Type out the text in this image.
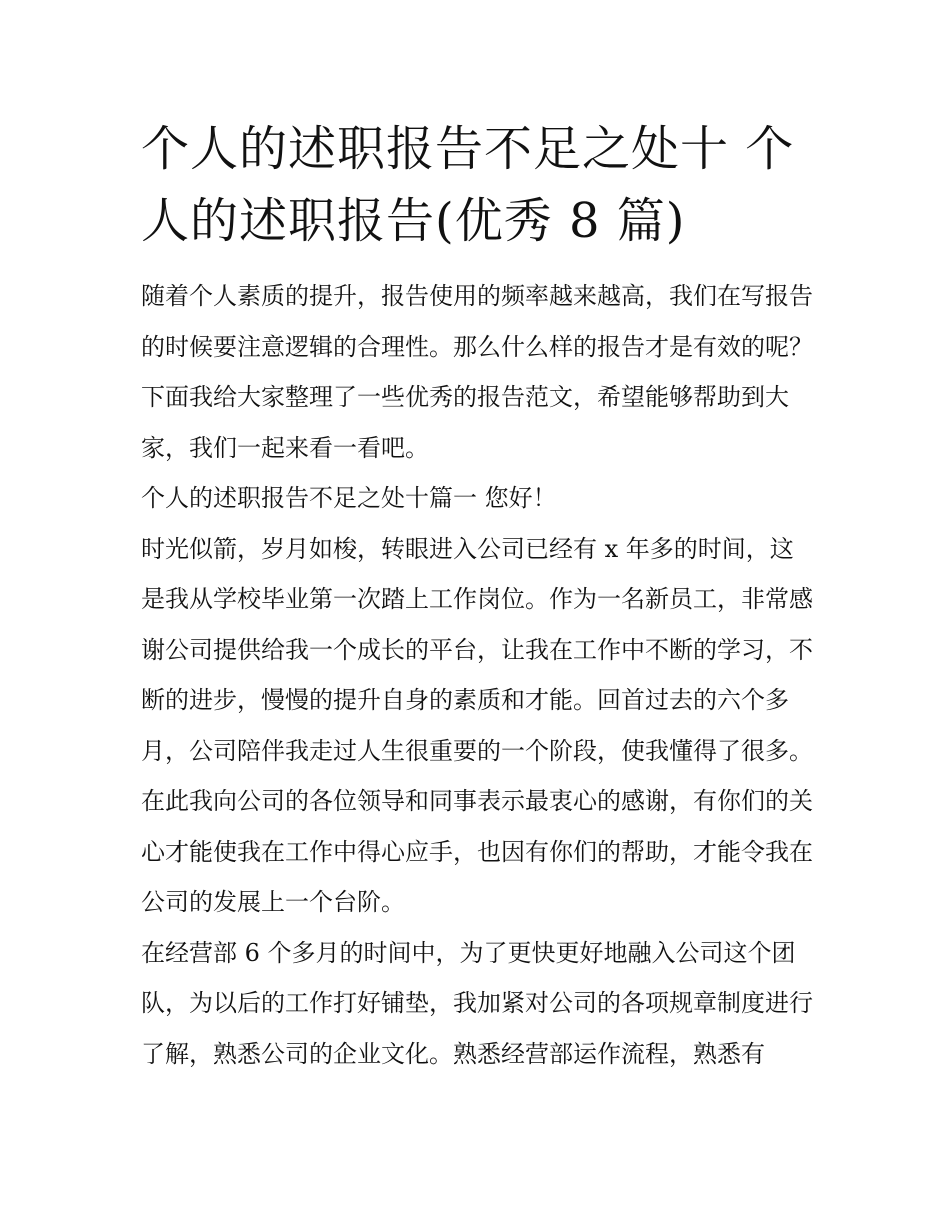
个人的述职报告不足之处十 个人的述职报告(优秀 8 篇)

随着个人素质的提升，报告使用的频率越来越高，我们在写报告的时候要注意逻辑的合理性。那么什么样的报告才是有效的呢？下面我给大家整理了一些优秀的报告范文，希望能够帮助到大家，我们一起来看一看吧。

个人的述职报告不足之处十篇一 您好！

时光似箭，岁月如梭，转眼进入公司已经有 x 年多的时间，这是我从学校毕业第一次踏上工作岗位。作为一名新员工，非常感谢公司提供给我一个成长的平台，让我在工作中不断的学习，不断的进步，慢慢的提升自身的素质和才能。回首过去的六个多月，公司陪伴我走过人生很重要的一个阶段，使我懂得了很多。在此我向公司的各位领导和同事表示最衷心的感谢，有你们的关心才能使我在工作中得心应手，也因有你们的帮助，才能令我在公司的发展上一个台阶。

在经营部 6 个多月的时间中，为了更快更好地融入公司这个团队，为以后的工作打好铺垫，我加紧对公司的各项规章制度进行了解，熟悉公司的企业文化。熟悉经营部运作流程，熟悉有
